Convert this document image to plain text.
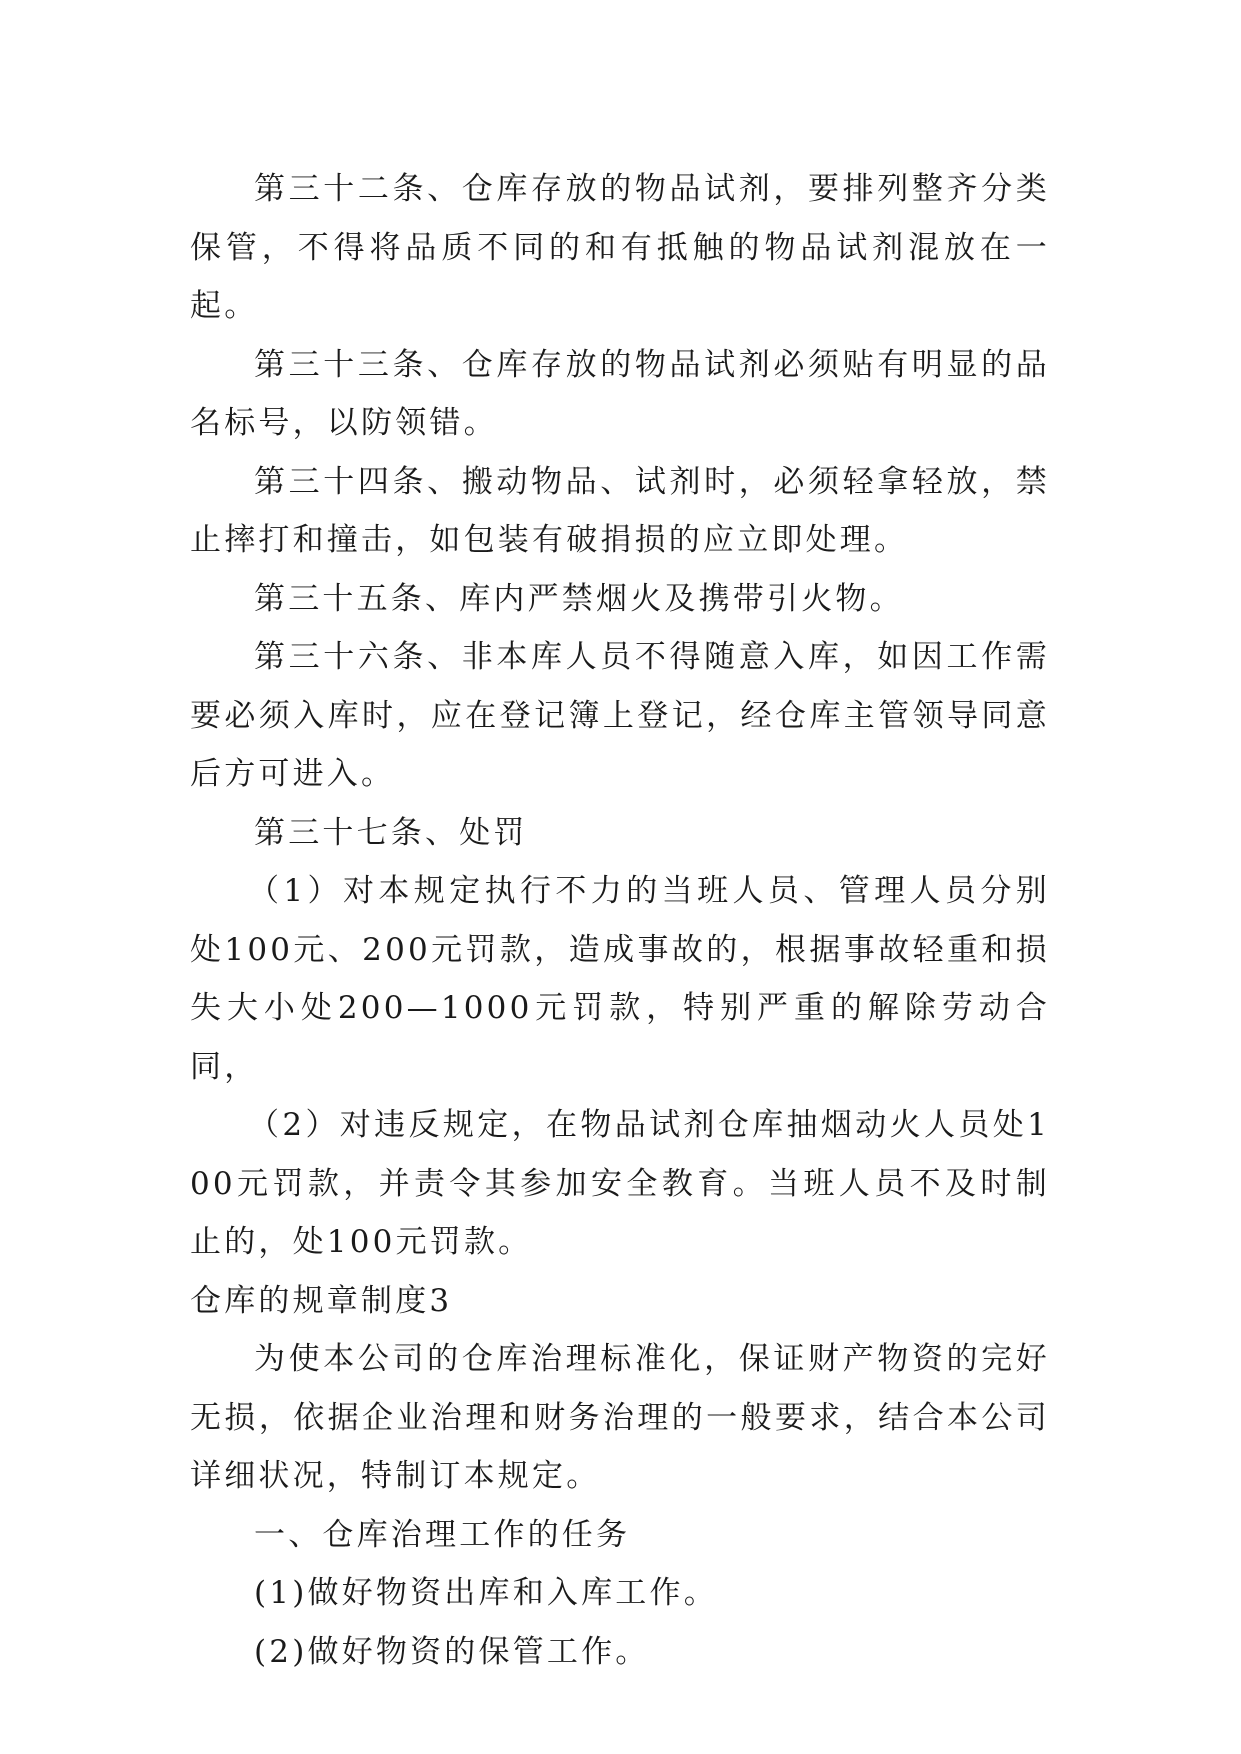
第三十二条、仓库存放的物品试剂，要排列整齐分类保管，不得将品质不同的和有抵触的物品试剂混放在一起。

第三十三条、仓库存放的物品试剂必须贴有明显的品名标号，以防领错。

第三十四条、搬动物品、试剂时，必须轻拿轻放，禁止摔打和撞击，如包装有破捐损的应立即处理。

第三十五条、库内严禁烟火及携带引火物。

第三十六条、非本库人员不得随意入库，如因工作需要必须入库时，应在登记簿上登记，经仓库主管领导同意后方可进入。

第三十七条、处罚

（1）对本规定执行不力的当班人员、管理人员分别处100元、200元罚款，造成事故的，根据事故轻重和损失大小处200—1000元罚款，特别严重的解除劳动合同，

（2）对违反规定，在物品试剂仓库抽烟动火人员处100元罚款，并责令其参加安全教育。当班人员不及时制止的，处100元罚款。

仓库的规章制度3

为使本公司的仓库治理标准化，保证财产物资的完好无损，依据企业治理和财务治理的一般要求，结合本公司详细状况，特制订本规定。

一、仓库治理工作的任务

(1)做好物资出库和入库工作。

(2)做好物资的保管工作。
